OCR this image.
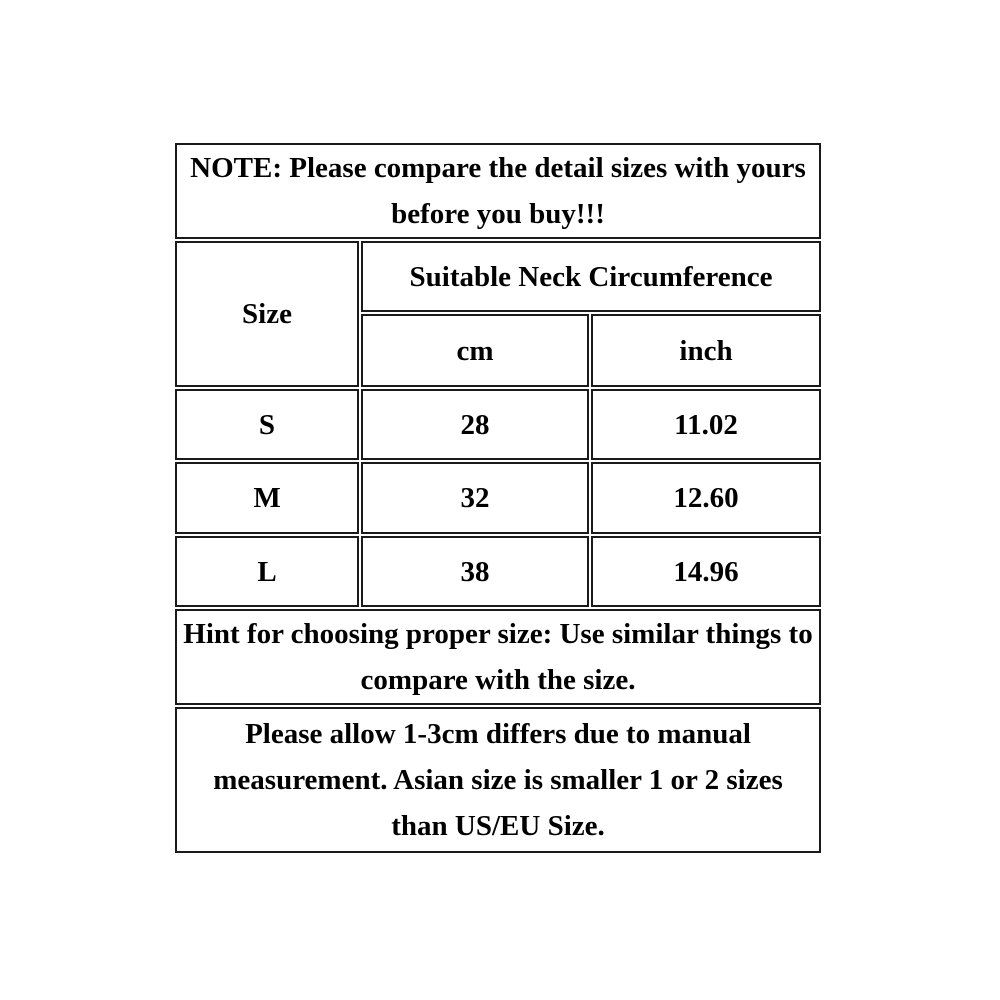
NOTE: Please compare the detail sizes with yours before you buy!!!
Size
Suitable Neck Circumference
cm	inch
S	28	11.02
M	32	12.60
L	38	14.96
Hint for choosing proper size: Use similar things to compare with the size.
Please allow 1-3cm differs due to manual measurement. Asian size is smaller 1 or 2 sizes than US/EU Size.
